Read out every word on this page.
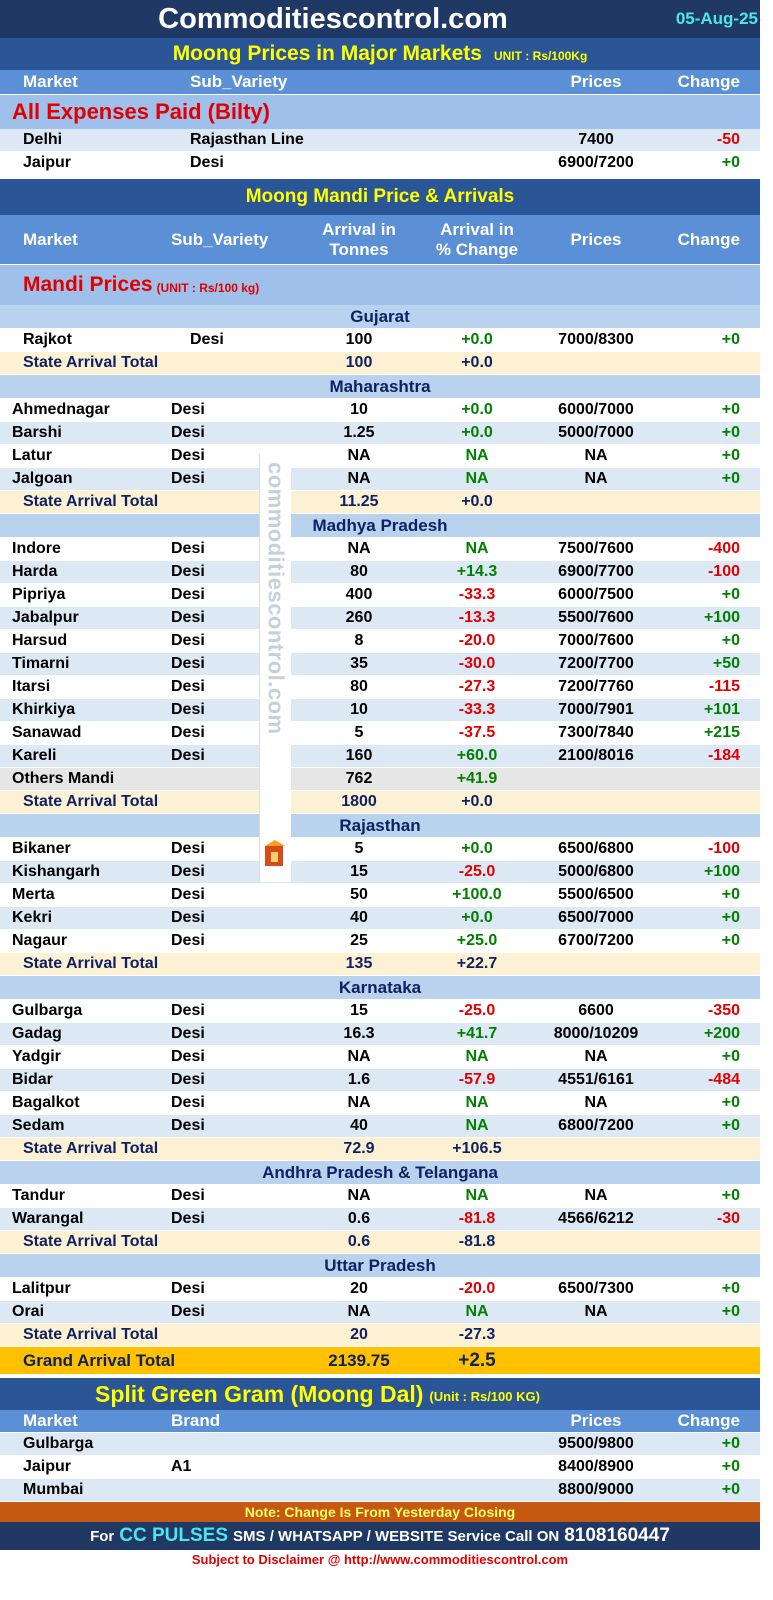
Commoditiescontrol.com	05-Aug-25
Moong Prices in Major Markets UNIT : Rs/100Kg
Market	Sub_Variety	Prices	Change
All Expenses Paid (Bilty)
Delhi	Rajasthan Line	7400	-50
Jaipur	Desi	6900/7200	+0
Moong Mandi Price & Arrivals
Market	Sub_Variety
Arrival in
Tonnes
Arrival in
% Change
Prices	Change
Mandi Prices (UNIT : Rs/100 kg)
Gujarat
Rajkot	Desi	100	+0.0	7000/8300	+0
State Arrival Total	100	+0.0
Maharashtra
Ahmednagar	Desi	10	+0.0	6000/7000	+0
Barshi	Desi	1.25	+0.0	5000/7000	+0
Latur	Desi	NA	NA	NA	+0
Jalgoan	Desi	NA	NA	NA	+0
State Arrival Total	11.25	+0.0
Madhya Pradesh
Indore	Desi	NA	NA	7500/7600	-400
Harda	Desi	80	+14.3	6900/7700	-100
Pipriya	Desi	400	-33.3	6000/7500	+0
Jabalpur	Desi	260	-13.3	5500/7600	+100
Harsud	Desi	8	-20.0	7000/7600	+0
Timarni	Desi	35	-30.0	7200/7700	+50
Itarsi	Desi	80	-27.3	7200/7760	-115
Khirkiya	Desi	10	-33.3	7000/7901	+101
Sanawad	Desi	5	-37.5	7300/7840	+215
Kareli	Desi	160	+60.0	2100/8016	-184
Others Mandi	762	+41.9
State Arrival Total	1800	+0.0
Rajasthan
Bikaner	Desi	5	+0.0	6500/6800	-100
Kishangarh	Desi	15	-25.0	5000/6800	+100
Merta	Desi	50	+100.0	5500/6500	+0
Kekri	Desi	40	+0.0	6500/7000	+0
Nagaur	Desi	25	+25.0	6700/7200	+0
State Arrival Total	135	+22.7
Karnataka
Gulbarga	Desi	15	-25.0	6600	-350
Gadag	Desi	16.3	+41.7	8000/10209	+200
Yadgir	Desi	NA	NA	NA	+0
Bidar	Desi	1.6	-57.9	4551/6161	-484
Bagalkot	Desi	NA	NA	NA	+0
Sedam	Desi	40	NA	6800/7200	+0
State Arrival Total	72.9	+106.5
Andhra Pradesh & Telangana
Tandur	Desi	NA	NA	NA	+0
Warangal	Desi	0.6	-81.8	4566/6212	-30
State Arrival Total	0.6	-81.8
Uttar Pradesh
Lalitpur	Desi	20	-20.0	6500/7300	+0
Orai	Desi	NA	NA	NA	+0
State Arrival Total	20	-27.3
Grand Arrival Total	2139.75	+2.5
Split Green Gram (Moong Dal) (Unit : Rs/100 KG)
Market	Brand	Prices	Change
Gulbarga	9500/9800	+0
Jaipur	A1	8400/8900	+0
Mumbai	8800/9000	+0
Note: Change Is From Yesterday Closing
For CC PULSES SMS / WHATSAPP / WEBSITE Service Call ON 8108160447
Subject to Disclaimer @ http://www.commoditiescontrol.com
commoditiescontrol.com
